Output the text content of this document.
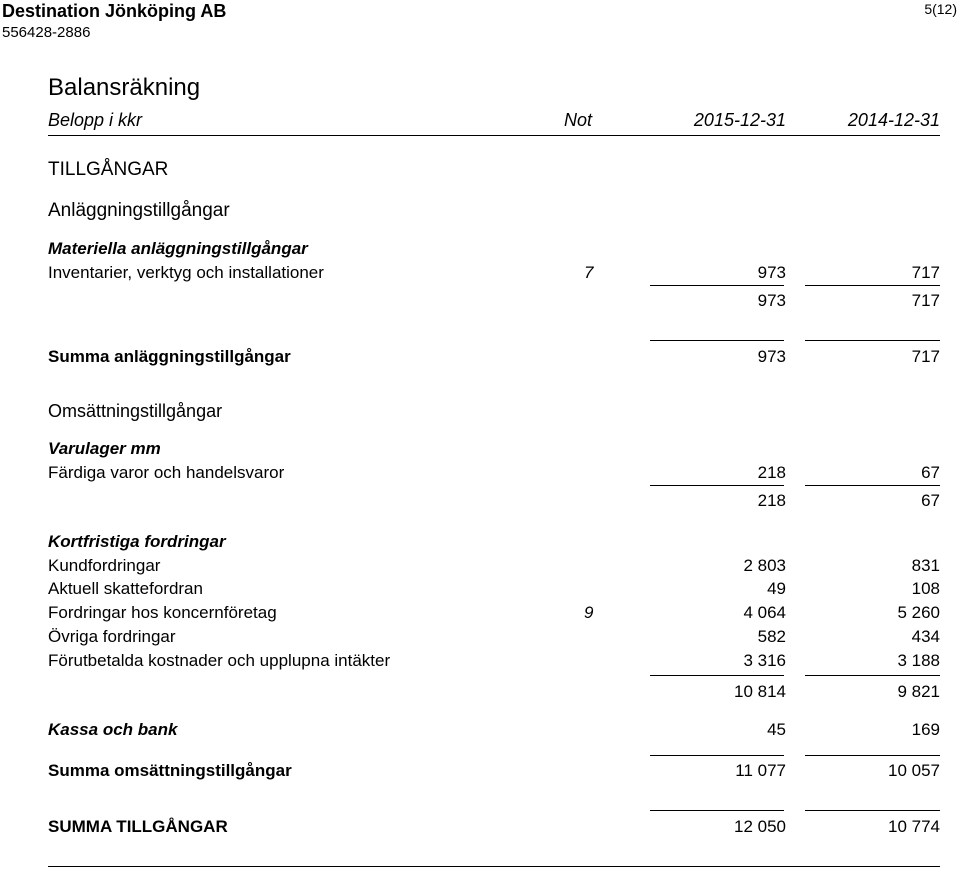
Destination Jönköping AB
556428-2886
5(12)
Balansräkning
Belopp i kkr	Not	2015-12-31	2014-12-31
TILLGÅNGAR
Anläggningstillgångar
Materiella anläggningstillgångar
Inventarier, verktyg och installationer	7	973	717
973	717
Summa anläggningstillgångar	973	717
Omsättningstillgångar
Varulager mm
Färdiga varor och handelsvaror	218	67
218	67
Kortfristiga fordringar
Kundfordringar	2 803	831
Aktuell skattefordran	49	108
Fordringar hos koncernföretag	9	4 064	5 260
Övriga fordringar	582	434
Förutbetalda kostnader och upplupna intäkter	3 316	3 188
10 814	9 821
Kassa och bank	45	169
Summa omsättningstillgångar	11 077	10 057
SUMMA TILLGÅNGAR	12 050	10 774
